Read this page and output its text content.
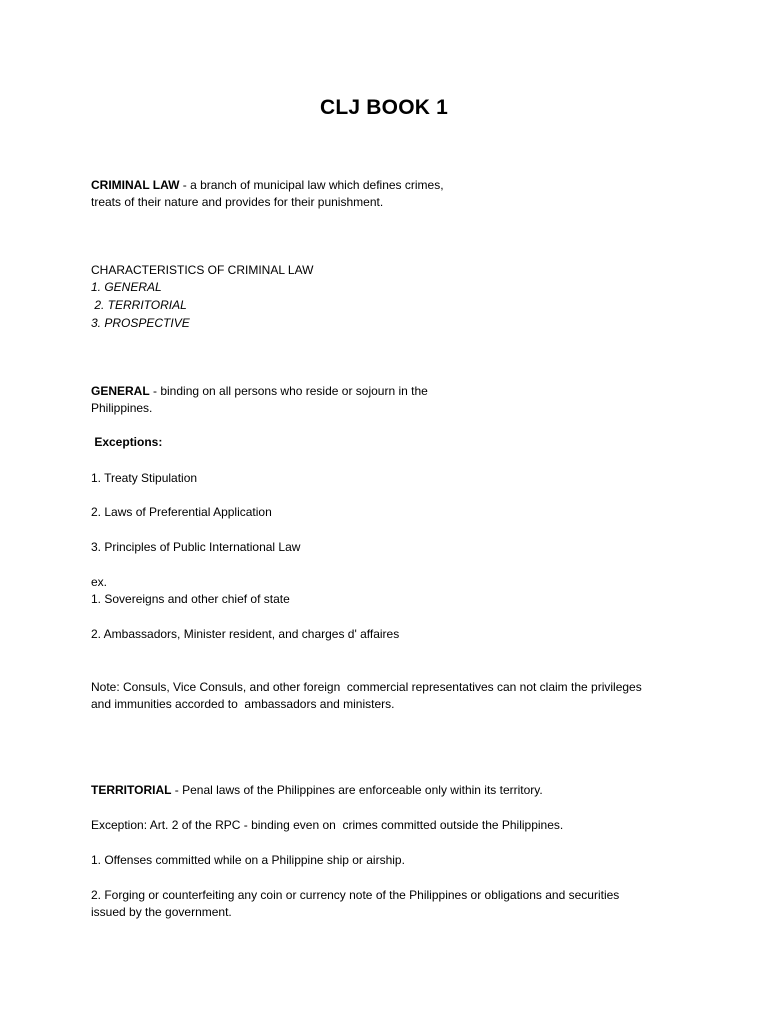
CLJ BOOK 1
CRIMINAL LAW - a branch of municipal law which defines crimes,
treats of their nature and provides for their punishment.
CHARACTERISTICS OF CRIMINAL LAW
1. GENERAL
2. TERRITORIAL
3. PROSPECTIVE
GENERAL - binding on all persons who reside or sojourn in the
Philippines.
Exceptions:
1. Treaty Stipulation
2. Laws of Preferential Application
3. Principles of Public International Law
ex.
1. Sovereigns and other chief of state
2. Ambassadors, Minister resident, and charges d' affaires
Note: Consuls, Vice Consuls, and other foreign  commercial representatives can not claim the privileges
and immunities accorded to  ambassadors and ministers.
TERRITORIAL - Penal laws of the Philippines are enforceable only within its territory.
Exception: Art. 2 of the RPC - binding even on  crimes committed outside the Philippines.
1. Offenses committed while on a Philippine ship or airship.
2. Forging or counterfeiting any coin or currency note of the Philippines or obligations and securities
issued by the government.
